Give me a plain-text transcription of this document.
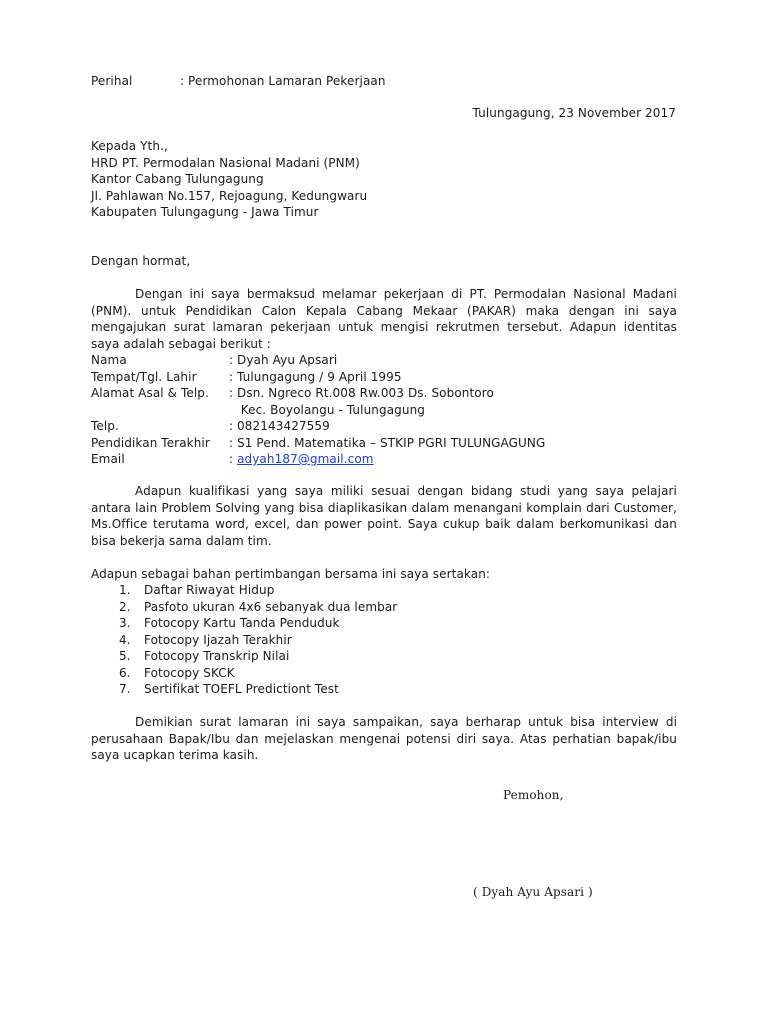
Perihal	: Permohonan Lamaran Pekerjaan
Tulungagung, 23 November 2017
Kepada Yth.,
HRD PT. Permodalan Nasional Madani (PNM)
Kantor Cabang Tulungagung
Jl. Pahlawan No.157, Rejoagung, Kedungwaru
Kabupaten Tulungagung - Jawa Timur
Dengan hormat,
Dengan ini saya bermaksud melamar pekerjaan di PT. Permodalan Nasional Madani (PNM). untuk Pendidikan Calon Kepala Cabang Mekaar (PAKAR) maka dengan ini saya mengajukan surat lamaran pekerjaan untuk mengisi rekrutmen tersebut. Adapun identitas saya adalah sebagai berikut :
Nama	: Dyah Ayu Apsari
Tempat/Tgl. Lahir	: Tulungagung / 9 April 1995
Alamat Asal & Telp.	: Dsn. Ngreco Rt.008 Rw.003 Ds. Sobontoro
Kec. Boyolangu - Tulungagung
Telp.	: 082143427559
Pendidikan Terakhir	: S1 Pend. Matematika – STKIP PGRI TULUNGAGUNG
Email	: adyah187@gmail.com
Adapun kualifikasi yang saya miliki sesuai dengan bidang studi yang saya pelajari antara lain Problem Solving yang bisa diaplikasikan dalam menangani komplain dari Customer, Ms.Office terutama word, excel, dan power point. Saya cukup baik dalam berkomunikasi dan bisa bekerja sama dalam tim.
Adapun sebagai bahan pertimbangan bersama ini saya sertakan:
1.	Daftar Riwayat Hidup
2.	Pasfoto ukuran 4x6 sebanyak dua lembar
3.	Fotocopy Kartu Tanda Penduduk
4.	Fotocopy Ijazah Terakhir
5.	Fotocopy Transkrip Nilai
6.	Fotocopy SKCK
7.	Sertifikat TOEFL Predictiont Test
Demikian surat lamaran ini saya sampaikan, saya berharap untuk bisa interview di perusahaan Bapak/Ibu dan mejelaskan mengenai potensi diri saya. Atas perhatian bapak/ibu saya ucapkan terima kasih.
Pemohon,
( Dyah Ayu Apsari )
